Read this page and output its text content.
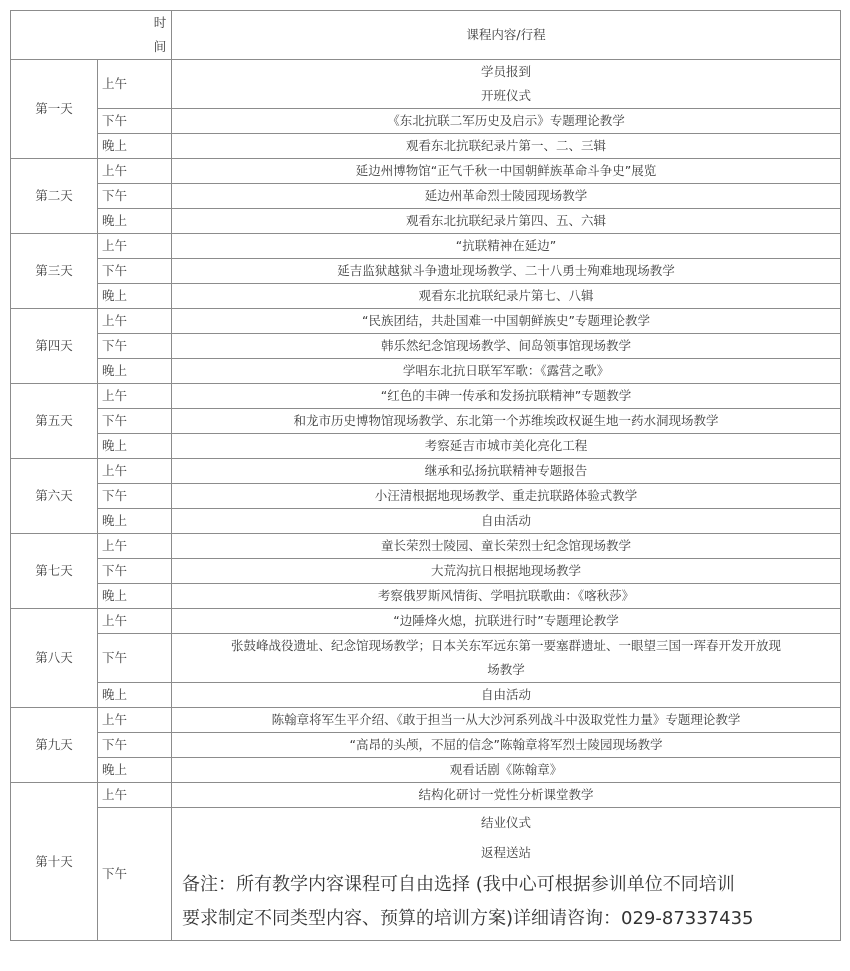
时
间		课程内容/行程
第一天	上午	学员报到
开班仪式

	下午	《东北抗联二军历史及启示》专题理论教学

	晚上	观看东北抗联纪录片第一、二、三辑

第二天	上午	延边州博物馆“正气千秋一中国朝鲜族革命斗争史”展览

	下午	延边州革命烈士陵园现场教学

	晚上	观看东北抗联纪录片第四、五、六辑

第三天	上午	“抗联精神在延边”

	下午	延吉监狱越狱斗争遗址现场教学、二十八勇士殉难地现场教学

	晚上	观看东北抗联纪录片第七、八辑

第四天	上午	“民族团结，共赴国难一中国朝鲜族史”专题理论教学

	下午	韩乐然纪念馆现场教学、间岛领事馆现场教学

	晚上	学唱东北抗日联军军歌：《露营之歌》

第五天	上午	“红色的丰碑一传承和发扬抗联精神”专题教学

	下午	和龙市历史博物馆现场教学、东北第一个苏维埃政权诞生地一药水洞现场教学

	晚上	考察延吉市城市美化亮化工程

第六天	上午	继承和弘扬抗联精神专题报告

	下午	小汪清根据地现场教学、重走抗联路体验式教学

	晚上	自由活动

第七天	上午	童长荣烈士陵园、童长荣烈士纪念馆现场教学

	下午	大荒沟抗日根据地现场教学

	晚上	考察俄罗斯风情街、学唱抗联歌曲：《喀秋莎》

第八天	上午	“边陲烽火熄，抗联进行时”专题理论教学

	下午	张鼓峰战役遗址、纪念馆现场教学；日本关东军远东第一要塞群遗址、一眼望三国一珲春开发开放现
场教学

	晚上	自由活动

第九天	上午	陈翰章将军生平介绍、《敢于担当一从大沙河系列战斗中汲取党性力量》专题理论教学

	下午	“高昂的头颅，不屈的信念”陈翰章将军烈士陵园现场教学

	晚上	观看话剧《陈翰章》

第十天	上午	结构化研讨一党性分析课堂教学

	下午	结业仪式
返程送站
备注：所有教学内容课程可自由选择 (我中心可根据参训单位不同培训
要求制定不同类型内容、预算的培训方案)详细请咨询：029-87337435
